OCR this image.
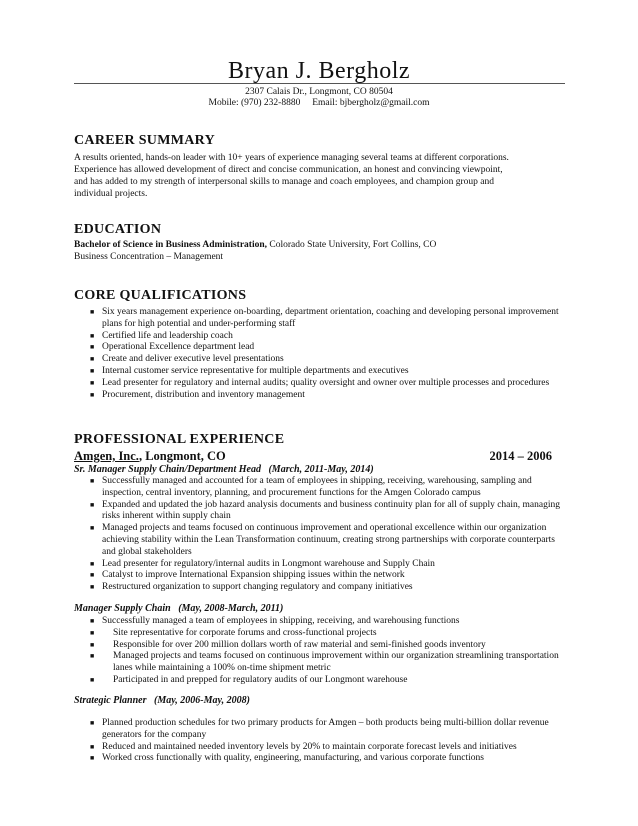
Bryan J. Bergholz
2307 Calais Dr., Longmont, CO 80504
Mobile: (970) 232-8880     Email: bjbergholz@gmail.com
CAREER SUMMARY
A results oriented, hands-on leader with 10+ years of experience managing several teams at different corporations.
Experience has allowed development of direct and concise communication, an honest and convincing viewpoint,
and has added to my strength of interpersonal skills to manage and coach employees, and champion group and
individual projects.
EDUCATION
Bachelor of Science in Business Administration, Colorado State University, Fort Collins, CO
Business Concentration – Management
CORE QUALIFICATIONS
■ Six years management experience on-boarding, department orientation, coaching and developing personal improvement plans for high potential and under-performing staff
■ Certified life and leadership coach
■ Operational Excellence department lead
■ Create and deliver executive level presentations
■ Internal customer service representative for multiple departments and executives
■ Lead presenter for regulatory and internal audits; quality oversight and owner over multiple processes and procedures
■ Procurement, distribution and inventory management
PROFESSIONAL EXPERIENCE
Amgen, Inc., Longmont, CO	2014 – 2006
Sr. Manager Supply Chain/Department Head   (March, 2011-May, 2014)
■ Successfully managed and accounted for a team of employees in shipping, receiving, warehousing, sampling and inspection, central inventory, planning, and procurement functions for the Amgen Colorado campus
■ Expanded and updated the job hazard analysis documents and business continuity plan for all of supply chain, managing risks inherent within supply chain
■ Managed projects and teams focused on continuous improvement and operational excellence within our organization achieving stability within the Lean Transformation continuum, creating strong partnerships with corporate counterparts and global stakeholders
■ Lead presenter for regulatory/internal audits in Longmont warehouse and Supply Chain
■ Catalyst to improve International Expansion shipping issues within the network
■ Restructured organization to support changing regulatory and company initiatives
Manager Supply Chain   (May, 2008-March, 2011)
■ Successfully managed a team of employees in shipping, receiving, and warehousing functions
■ Site representative for corporate forums and cross-functional projects
■ Responsible for over 200 million dollars worth of raw material and semi-finished goods inventory
■ Managed projects and teams focused on continuous improvement within our organization streamlining transportation lanes while maintaining a 100% on-time shipment metric
■ Participated in and prepped for regulatory audits of our Longmont warehouse
Strategic Planner   (May, 2006-May, 2008)
■ Planned production schedules for two primary products for Amgen – both products being multi-billion dollar revenue generators for the company
■ Reduced and maintained needed inventory levels by 20% to maintain corporate forecast levels and initiatives
■ Worked cross functionally with quality, engineering, manufacturing, and various corporate functions
